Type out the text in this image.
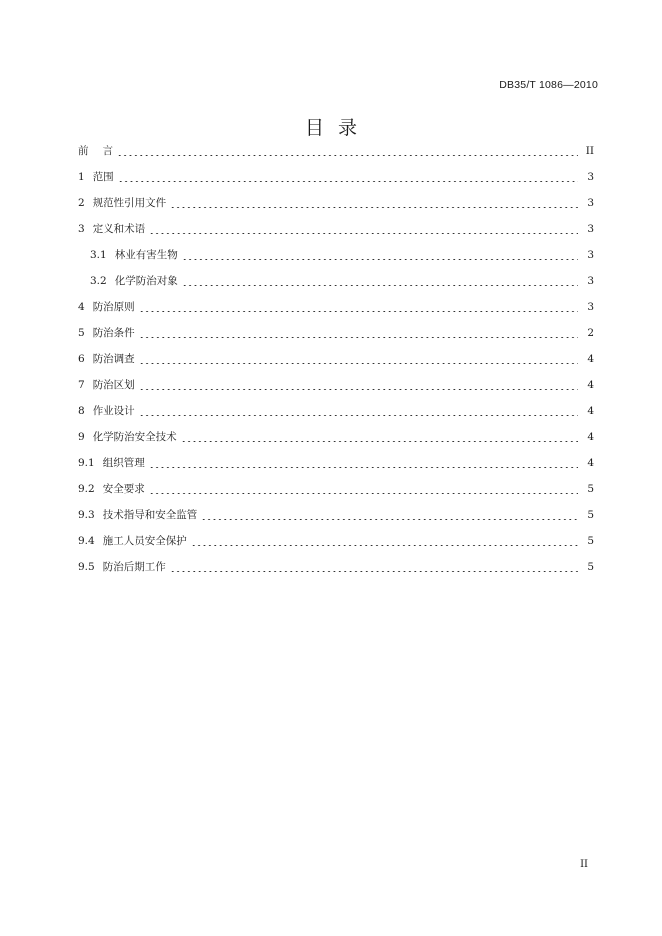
DB35/T 1086—2010
目录
前 言	II
1 范围	3
2 规范性引用文件	3
3 定义和术语	3
3.1 林业有害生物	3
3.2 化学防治对象	3
4 防治原则	3
5 防治条件	2
6 防治调查	4
7 防治区划	4
8 作业设计	4
9 化学防治安全技术	4
9.1 组织管理	4
9.2 安全要求	5
9.3 技术指导和安全监管	5
9.4 施工人员安全保护	5
9.5 防治后期工作	5
II
